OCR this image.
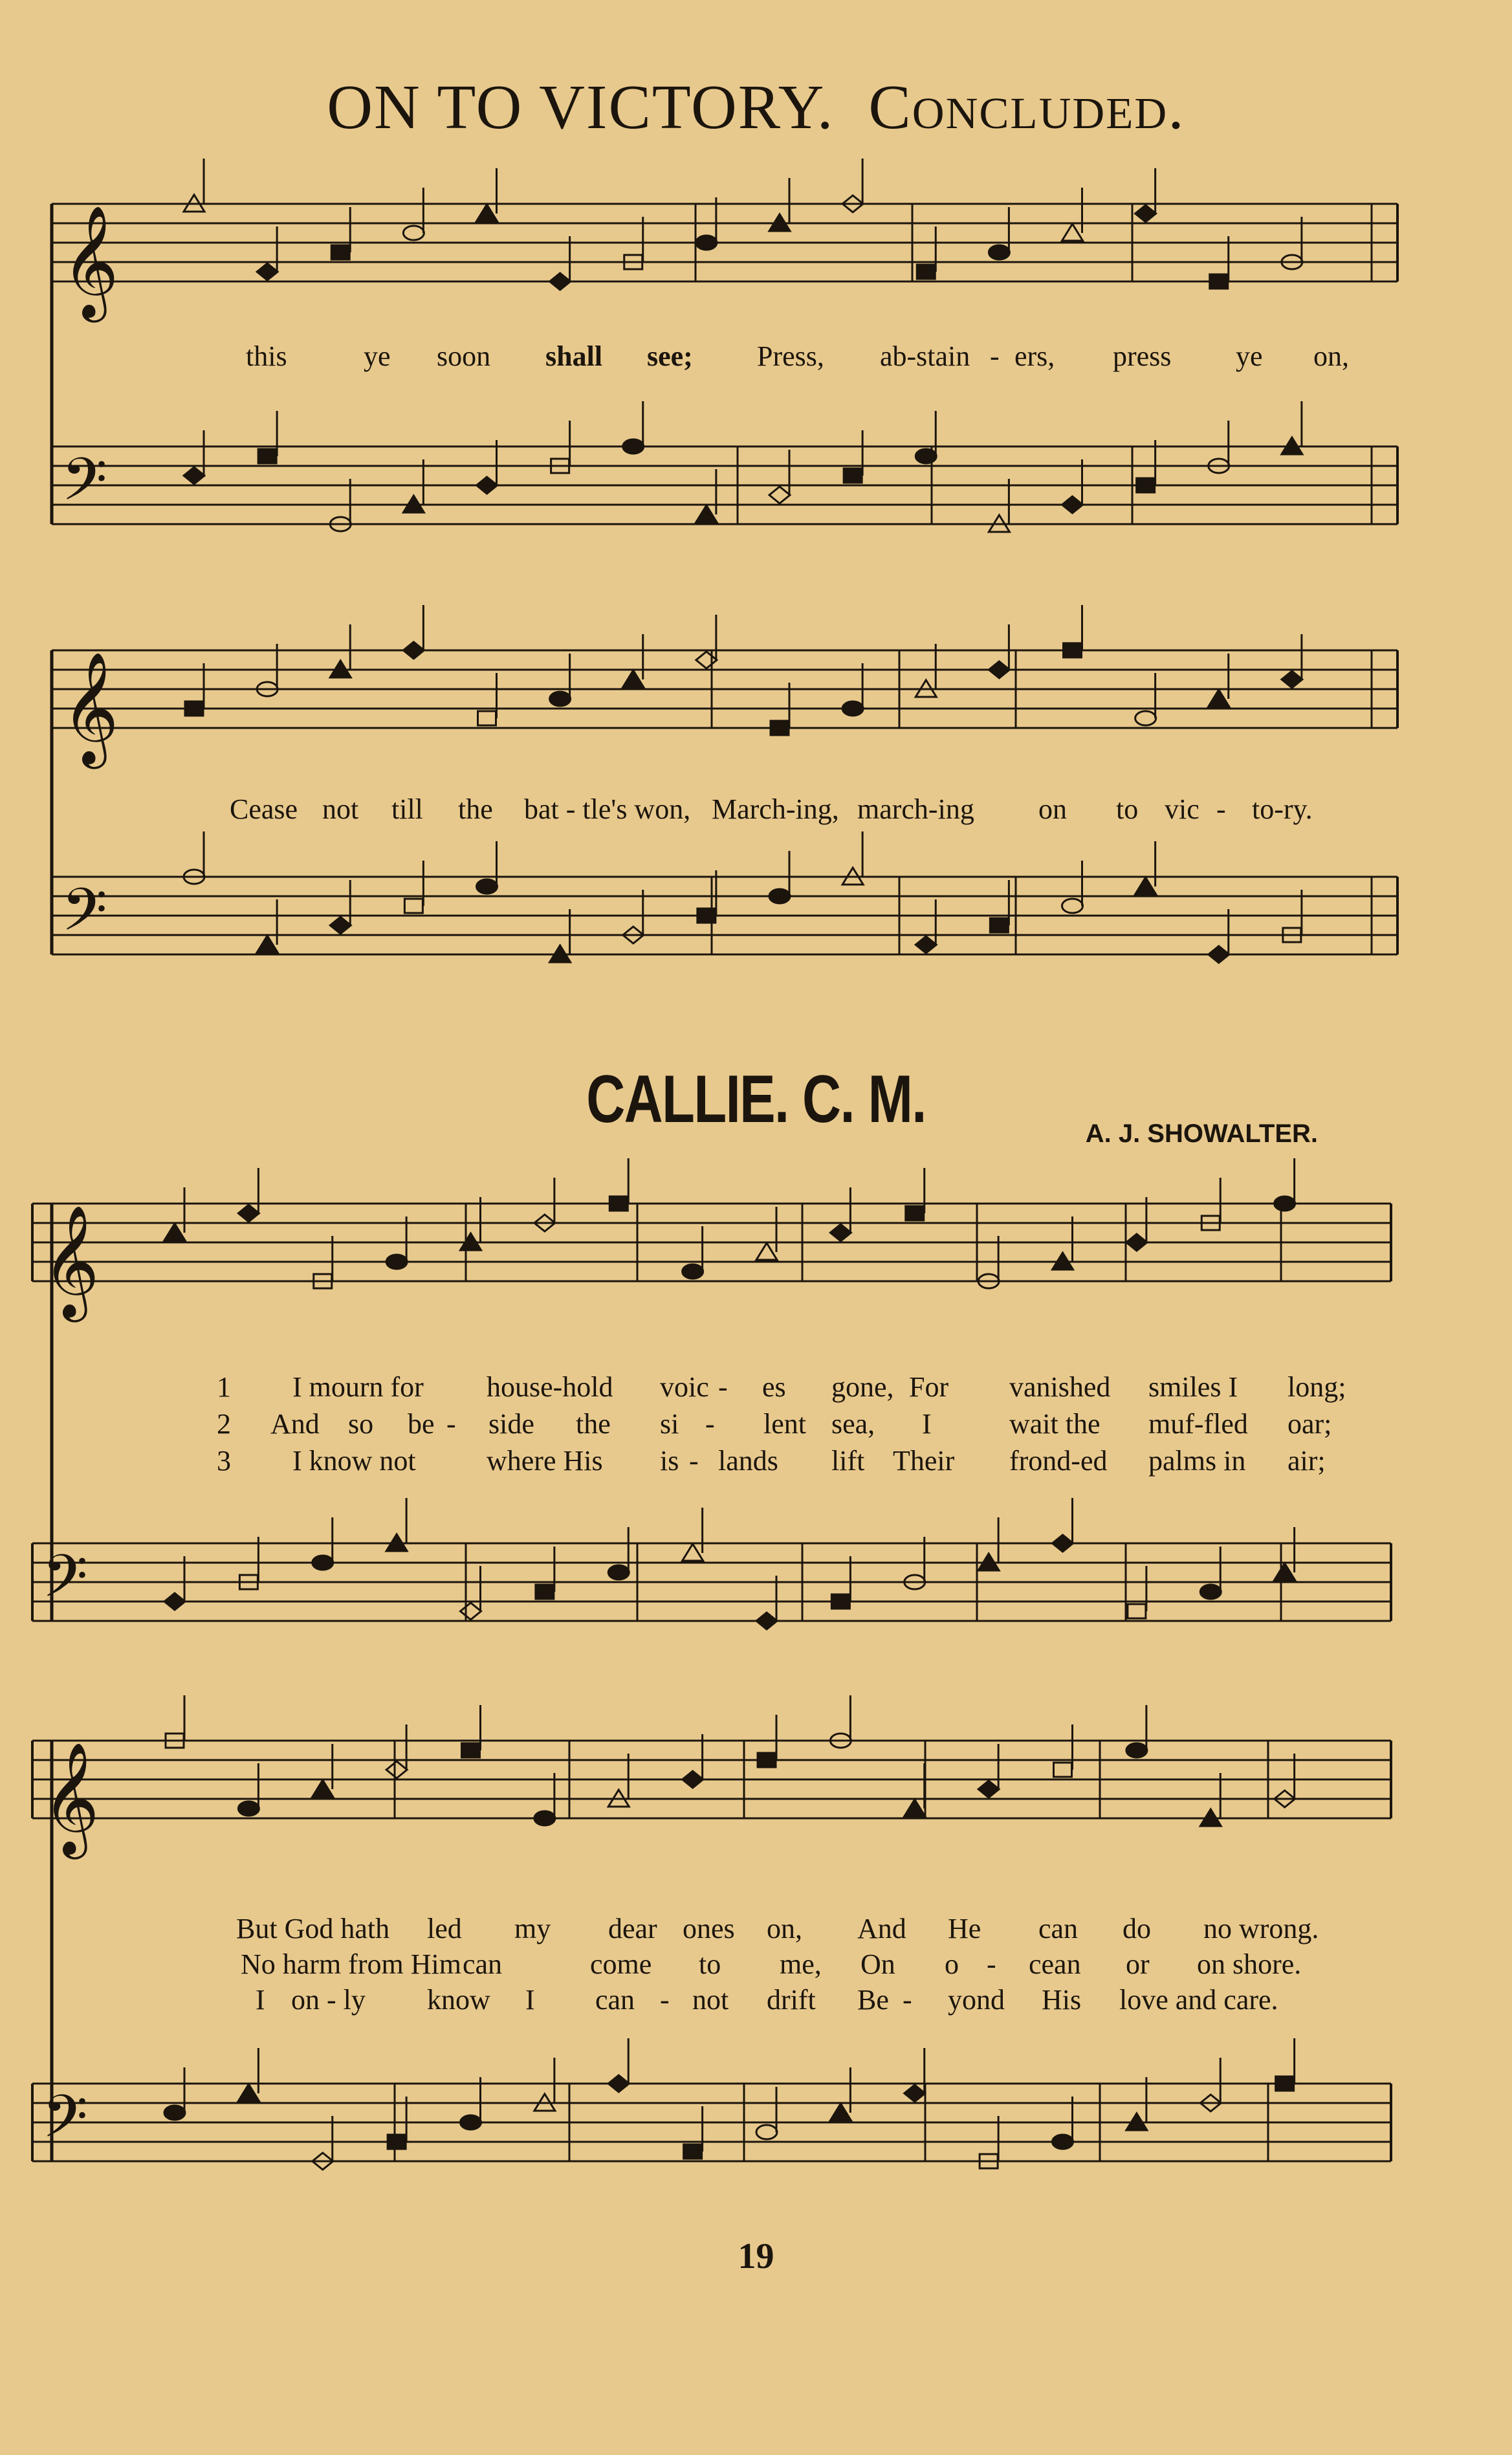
ON TO VICTORY. Concluded.
𝄞
𝄢
𝄞
𝄢
𝄞
𝄢
𝄞
𝄢
this	ye soon shall see; Press, ab-stain - ers, press ye on,
Cease not till the bat - tle's won, March-ing, march-ing on to vic - to-ry.
CALLIE. C. M.	A. J. SHOWALTER.
1 I mourn for house-hold voic - es gone, For vanished smiles I long;
2 And so be - side the si - lent sea, I	wait the muf-fled oar;
3 I know not where His is - lands lift Their frond-ed palms in air;
But God hath led my dear ones on, And He can do no wrong.
No harm from Him can	come to me, On o - cean or on shore.
I on - ly know I can - not drift Be - yond His love and care.
19
